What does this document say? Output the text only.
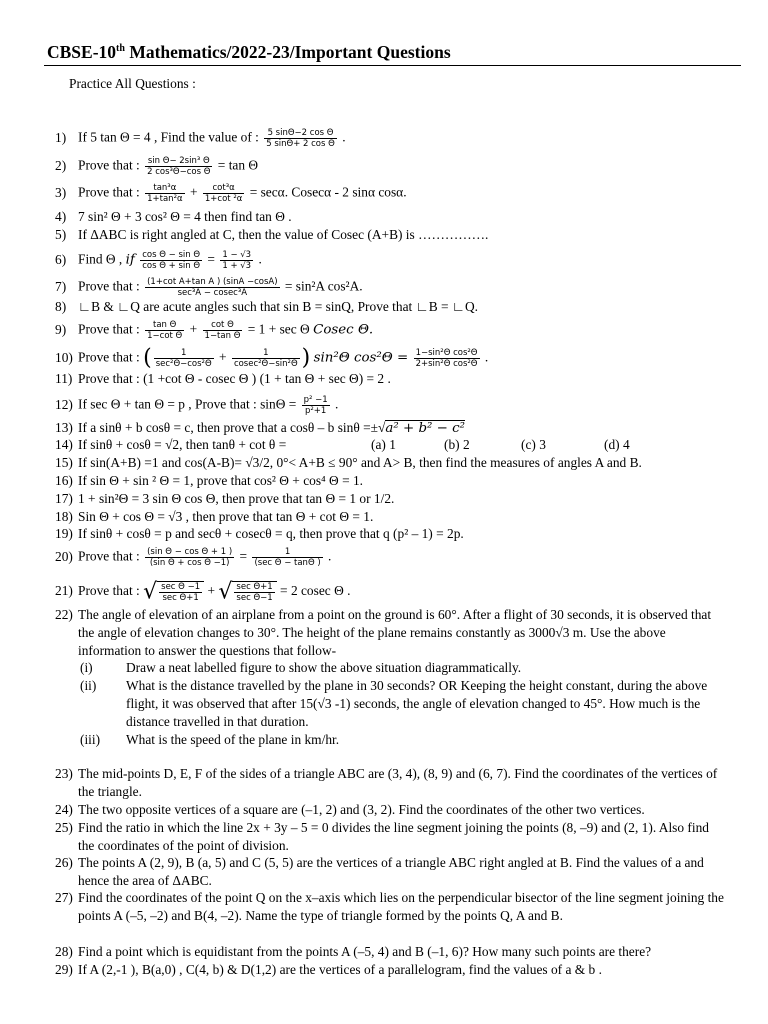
CBSE-10th Mathematics/2022-23/Important Questions
Practice All Questions :
1) If 5 tan Θ = 4 , Find the value of : $\frac{\text{5 sinΘ−2 cos Θ}}{\text{5 sinΘ+ 2 cos Θ}}$ .
2) Prove that : $\frac{\text{sin Θ− 2sin³ Θ}}{\text{2 cos³Θ−cos Θ}} = \tan \Theta$
3) Prove that : $\frac{\text{tan³α}}{\text{1+tan²α}} + \frac{\text{cot³α}}{\text{1+cot ²α}} = \sec\alpha$. Cosecα - 2 sinα cosα.
4) 7 sin² Θ + 3 cos² Θ = 4 then find tan Θ .
5) If ΔABC is right angled at C, then the value of Cosec (A+B) is …………….
6) Find Θ , if $\frac{\text{cos Θ − sin Θ}}{\text{cos Θ + sin Θ}} = \frac{1 - √3}{1 + √3}$ .
7) Prove that : $\frac{\text{(1+cot A+tan A ) (sinA −cosA)}}{\text{sec³A − cosec³A}} = \sin^2A$ cos²A.
8) ∟B & ∟Q are acute angles such that sin B = sinQ, Prove that ∟B = ∟Q.
9) Prove that : $\frac{\text{tan Θ}}{\text{1−cot Θ}} + \frac{\text{cot Θ}}{\text{1−tan Θ}} = 1 + \sec \Theta$ Cosec Θ.
10) Prove that : ( $\frac{1}{\text{sec²Θ−cos²Θ}} + \frac{1}{\text{cosec²Θ−sin²Θ}}$ ) sin²Θ $\cos^2\Theta = \frac{\text{1−sin²Θ cos²Θ}}{\text{2+sin²Θ cos²Θ}}$ .
11) Prove that : (1 +cot Θ - cosec Θ ) (1 + tan Θ + sec Θ) = 2 .
12) If sec Θ + tan Θ = p , Prove that : $\sin\Theta = \frac{\text{p² −1}}{\text{p²+1}}$ .
13) If a sinθ + b cosθ = c, then prove that a cosθ – b sinθ =±√a² + b² − c²
14) If sinθ + cosθ = √2, then tanθ + cot θ =	(a) 1	(b) 2	(c) 3	(d) 4
15) If sin(A+B) =1 and cos(A-B)= √3/2, 0°< A+B ≤ 90° and A> B, then find the measures of angles A and B.
16) If sin Θ + sin ² Θ = 1, prove that cos² Θ + cos⁴ Θ = 1.
17) 1 + sin²Θ = 3 sin Θ cos Θ, then prove that tan Θ = 1 or 1/2.
18) Sin Θ + cos Θ = √3 , then prove that tan Θ + cot Θ = 1.
19) If sinθ + cosθ = p and secθ + cosecθ = q, then prove that q (p² – 1) = 2p.
20) Prove that : $\frac{\text{(sin Θ − cos Θ + 1 )}}{\text{(sin Θ + cos Θ −1)}} = \frac{1}{\text{(sec Θ − tanΘ )}}$ .
21) Prove that : √ $\frac{\text{sec Θ −1}}{\text{sec Θ+1}}$ + √ $\frac{\text{sec Θ+1}}{\text{sec Θ−1}} = 2$ cosec Θ .
22) The angle of elevation of an airplane from a point on the ground is 60°. After a flight of 30 seconds, it is observed that the angle of elevation changes to 30°. The height of the plane remains constantly as 3000√3 m. Use the above information to answer the questions that follow-
(i) Draw a neat labelled figure to show the above situation diagrammatically.
(ii) What is the distance travelled by the plane in 30 seconds? OR Keeping the height constant, during the above flight, it was observed that after 15(√3 -1) seconds, the angle of elevation changed to 45°. How much is the distance travelled in that duration.
(iii) What is the speed of the plane in km/hr.
23) The mid-points D, E, F of the sides of a triangle ABC are (3, 4), (8, 9) and (6, 7). Find the coordinates of the vertices of the triangle.
24) The two opposite vertices of a square are (–1, 2) and (3, 2). Find the coordinates of the other two vertices.
25) Find the ratio in which the line 2x + 3y – 5 = 0 divides the line segment joining the points (8, –9) and (2, 1). Also find the coordinates of the point of division.
26) The points A (2, 9), B (a, 5) and C (5, 5) are the vertices of a triangle ABC right angled at B. Find the values of a and hence the area of ΔABC.
27) Find the coordinates of the point Q on the x–axis which lies on the perpendicular bisector of the line segment joining the points A (–5, –2) and B(4, –2). Name the type of triangle formed by the points Q, A and B.
28) Find a point which is equidistant from the points A (–5, 4) and B (–1, 6)? How many such points are there?
29) If A (2,-1 ), B(a,0) , C(4, b) & D(1,2) are the vertices of a parallelogram, find the values of a & b .
